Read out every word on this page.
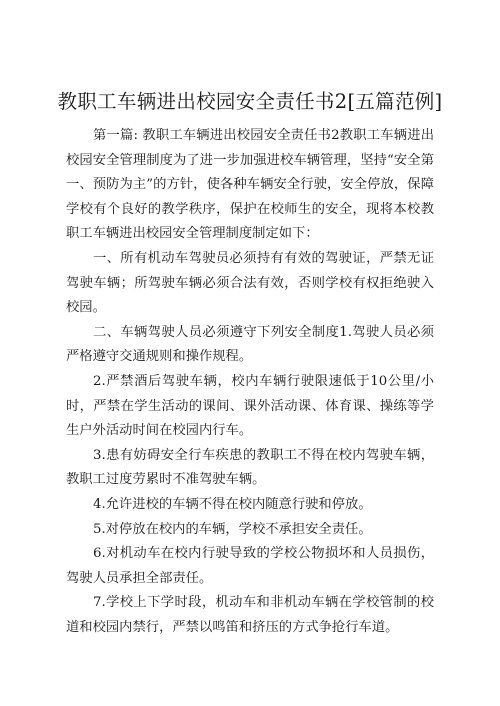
教职工车辆进出校园安全责任书2[五篇范例]

第一篇: 教职工车辆进出校园安全责任书2教职工车辆进出校园安全管理制度为了进一步加强进校车辆管理，坚持“安全第一、预防为主”的方针，使各种车辆安全行驶，安全停放，保障学校有个良好的教学秩序，保护在校师生的安全，现将本校教职工车辆进出校园安全管理制度制定如下：

一、所有机动车驾驶员必须持有有效的驾驶证，严禁无证驾驶车辆；所驾驶车辆必须合法有效，否则学校有权拒绝驶入校园。

二、车辆驾驶人员必须遵守下列安全制度1.驾驶人员必须严格遵守交通规则和操作规程。

2.严禁酒后驾驶车辆，校内车辆行驶限速低于10公里/小时，严禁在学生活动的课间、课外活动课、体育课、操练等学生户外活动时间在校园内行车。

3.患有妨碍安全行车疾患的教职工不得在校内驾驶车辆，教职工过度劳累时不准驾驶车辆。

4.允许进校的车辆不得在校内随意行驶和停放。

5.对停放在校内的车辆，学校不承担安全责任。

6.对机动车在校内行驶导致的学校公物损坏和人员损伤，驾驶人员承担全部责任。

7.学校上下学时段，机动车和非机动车辆在学校管制的校道和校园内禁行，严禁以鸣笛和挤压的方式争抢行车道。
